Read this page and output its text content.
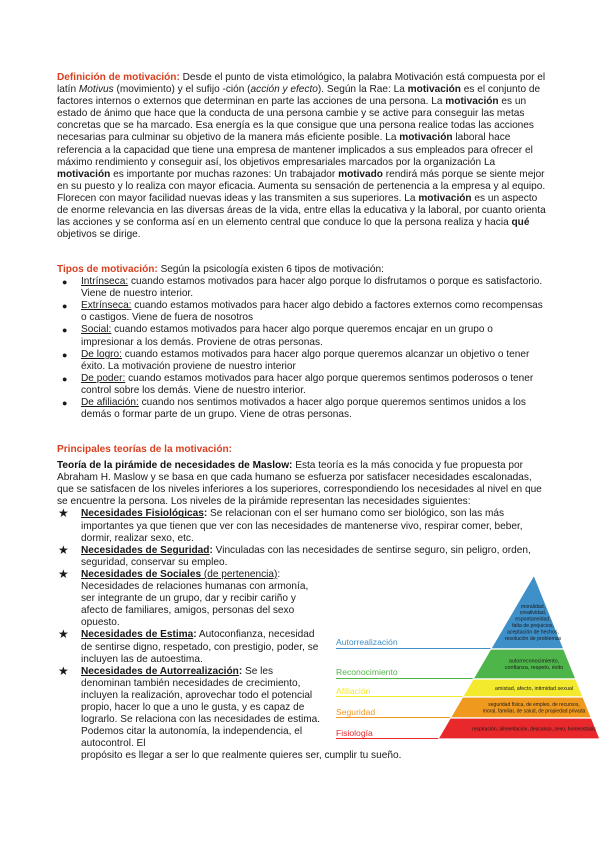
Definición de motivación: Desde el punto de vista etimológico, la palabra Motivación está compuesta por el latín Motivus (movimiento) y el sufijo -ción (acción y efecto). Según la Rae: La motivación es el conjunto de factores internos o externos que determinan en parte las acciones de una persona. La motivación es un estado de ánimo que hace que la conducta de una persona cambie y se active para conseguir las metas concretas que se ha marcado. Esa energía es la que consigue que una persona realice todas las acciones necesarias para culminar su objetivo de la manera más eficiente posible. La motivación laboral hace referencia a la capacidad que tiene una empresa de mantener implicados a sus empleados para ofrecer el máximo rendimiento y conseguir así, los objetivos empresariales marcados por la organización La motivación es importante por muchas razones: Un trabajador motivado rendirá más porque se siente mejor en su puesto y lo realiza con mayor eficacia. Aumenta su sensación de pertenencia a la empresa y al equipo. Florecen con mayor facilidad nuevas ideas y las transmiten a sus superiores. La motivación es un aspecto de enorme relevancia en las diversas áreas de la vida, entre ellas la educativa y la laboral, por cuanto orienta las acciones y se conforma así en un elemento central que conduce lo que la persona realiza y hacia qué objetivos se dirige.

Tipos de motivación: Según la psicología existen 6 tipos de motivación:
● Intrínseca: cuando estamos motivados para hacer algo porque lo disfrutamos o porque es satisfactorio. Viene de nuestro interior.
● Extrínseca: cuando estamos motivados para hacer algo debido a factores externos como recompensas o castigos. Viene de fuera de nosotros
● Social: cuando estamos motivados para hacer algo porque queremos encajar en un grupo o impresionar a los demás. Proviene de otras personas.
● De logro: cuando estamos motivados para hacer algo porque queremos alcanzar un objetivo o tener éxito. La motivación proviene de nuestro interior
● De poder: cuando estamos motivados para hacer algo porque queremos sentimos poderosos o tener control sobre los demás. Viene de nuestro interior.
● De afiliación: cuando nos sentimos motivados a hacer algo porque queremos sentimos unidos a los demás o formar parte de un grupo. Viene de otras personas.
Principales teorías de la motivación:
Teoría de la pirámide de necesidades de Maslow: Esta teoría es la más conocida y fue propuesta por Abraham H. Maslow y se basa en que cada humano se esfuerza por satisfacer necesidades escalonadas, que se satisfacen de los niveles inferiores a los superiores, correspondiendo los necesidades al nivel en que se encuentre la persona. Los niveles de la pirámide representan las necesidades siguientes:
★ Necesidades Fisiológicas: Se relacionan con el ser humano como ser biológico, son las más importantes ya que tienen que ver con las necesidades de mantenerse vivo, respirar comer, beber, dormir, realizar sexo, etc.
★ Necesidades de Seguridad: Vinculadas con las necesidades de sentirse seguro, sin peligro, orden, seguridad, conservar su empleo.
★ Necesidades de Sociales (de pertenencia): Necesidades de relaciones humanas con armonía, ser integrante de un grupo, dar y recibir cariño y afecto de familiares, amigos, personas del sexo opuesto.
★ Necesidades de Estima: Autoconfianza, necesidad de sentirse digno, respetado, con prestigio, poder, se incluyen las de autoestima.
★ Necesidades de Autorrealización: Se les denominan también necesidades de crecimiento, incluyen la realización, aprovechar todo el potencial propio, hacer lo que a uno le gusta, y es capaz de lograrlo. Se relaciona con las necesidades de estima. Podemos citar la autonomía, la independencia, el autocontrol. El
propósito es llegar a ser lo que realmente quieres ser, cumplir tu sueño.
moralidad,
creatividad,
espontaneidad,
falta de prejuicios,
aceptación de hechos,
resolución de problemas
Autorrealización
autorreconocimiento,
confianza, respeto, éxito
Reconocimiento
amistad, afecto, intimidad sexual
Afiliación
seguridad física, de empleo, de recursos,
moral, familiar, de salud, de propiedad privada
Seguridad
respiración, alimentación, descanso, sexo, homeostasis
Fisiología
